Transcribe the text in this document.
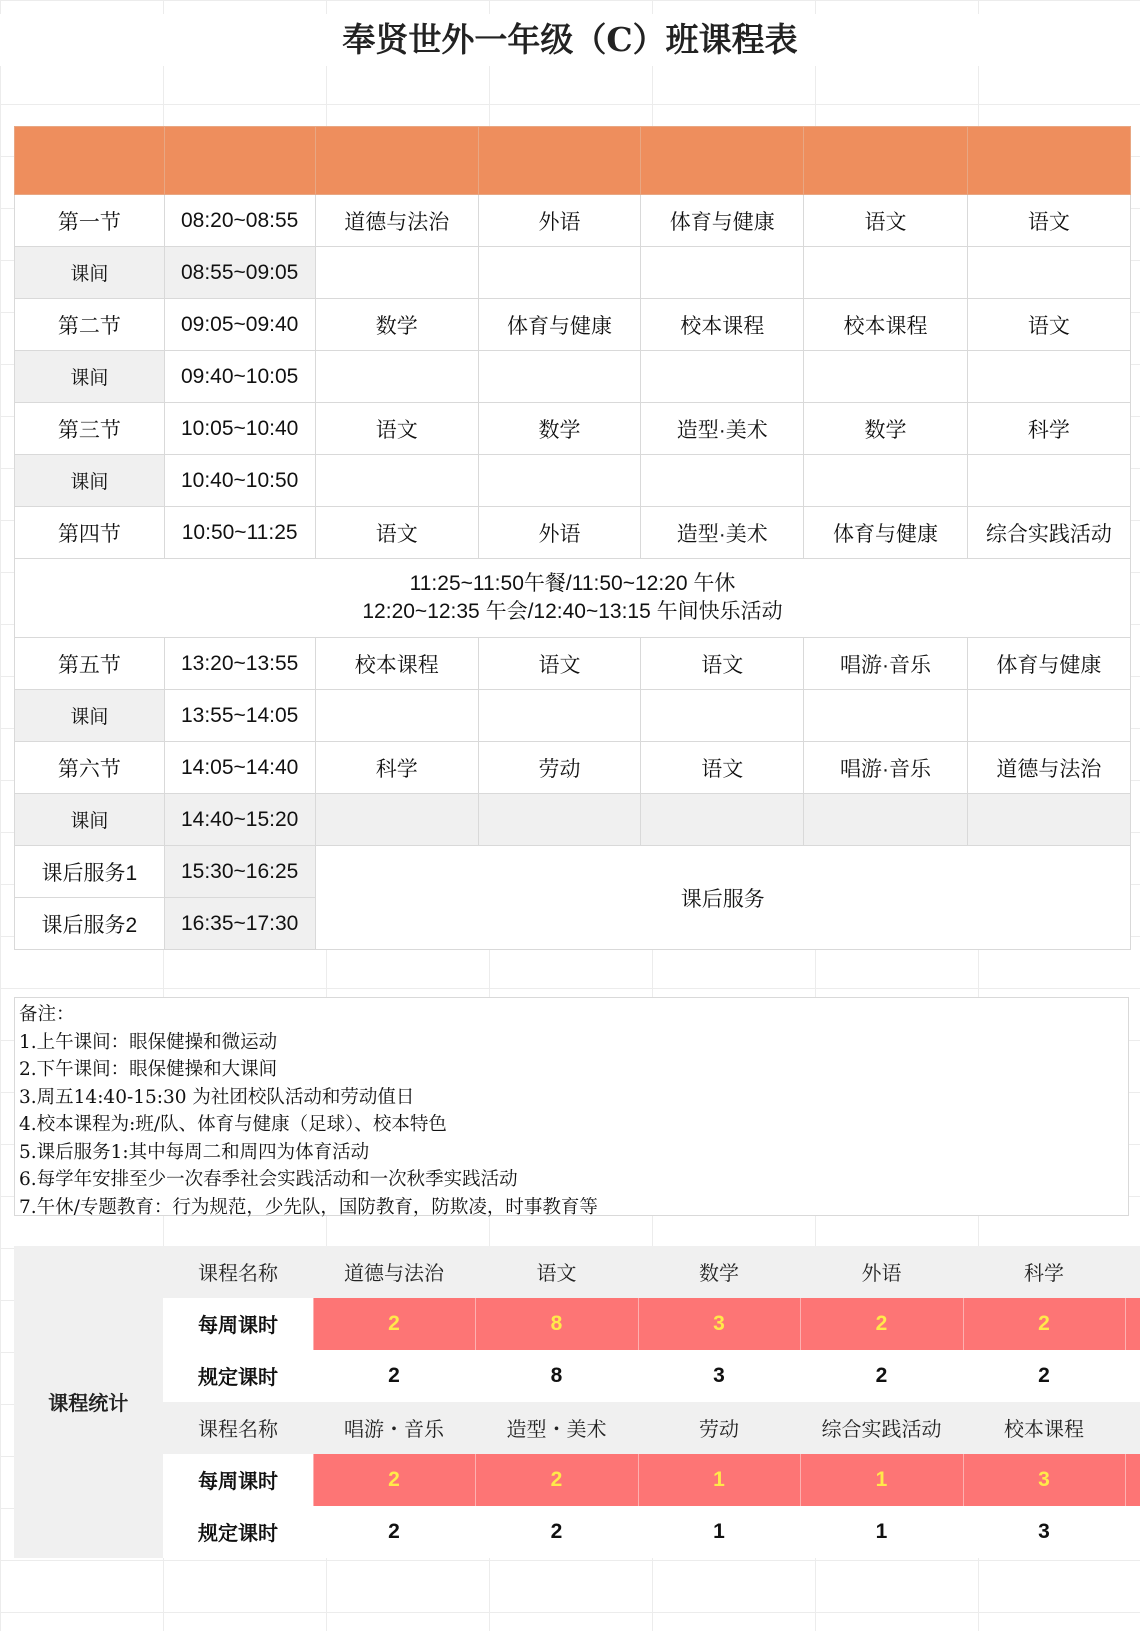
奉贤世外一年级（C）班课程表

第一节	08:20~08:55	道德与法治	外语	体育与健康	语文	语文
课间	08:55~09:05					
第二节	09:05~09:40	数学	体育与健康	校本课程	校本课程	语文
课间	09:40~10:05					
第三节	10:05~10:40	语文	数学	造型·美术	数学	科学
课间	10:40~10:50					
第四节	10:50~11:25	语文	外语	造型·美术	体育与健康	综合实践活动

11:25~11:50午餐/11:50~12:20 午休
12:20~12:35 午会/12:40~13:15 午间快乐活动						

第五节	13:20~13:55	校本课程	语文	语文	唱游·音乐	体育与健康
课间	13:55~14:05					
第六节	14:05~14:40	科学	劳动	语文	唱游·音乐	道德与法治
课间	14:40~15:20					
课后服务1	15:30~16:25	课后服务				
课后服务2	16:35~17:30					
备注：
1.上午课间：眼保健操和微运动
2.下午课间：眼保健操和大课间
3.周五14:40-15:30 为社团校队活动和劳动值日
4.校本课程为:班/队、体育与健康（足球）、校本特色
5.课后服务1:其中每周二和周四为体育活动
6.每学年安排至少一次春季社会实践活动和一次秋季实践活动
7.午休/专题教育：行为规范，少先队，国防教育，防欺凌，时事教育等
课程统计	课程名称	道德与法治	语文	数学	外语	科学	
	每周课时	2	8	3	2	2	
	规定课时	2	8	3	2	2	
	课程名称	唱游・音乐	造型・美术	劳动	综合实践活动	校本课程	
	每周课时	2	2	1	1	3	
	规定课时	2	2	1	1	3	
